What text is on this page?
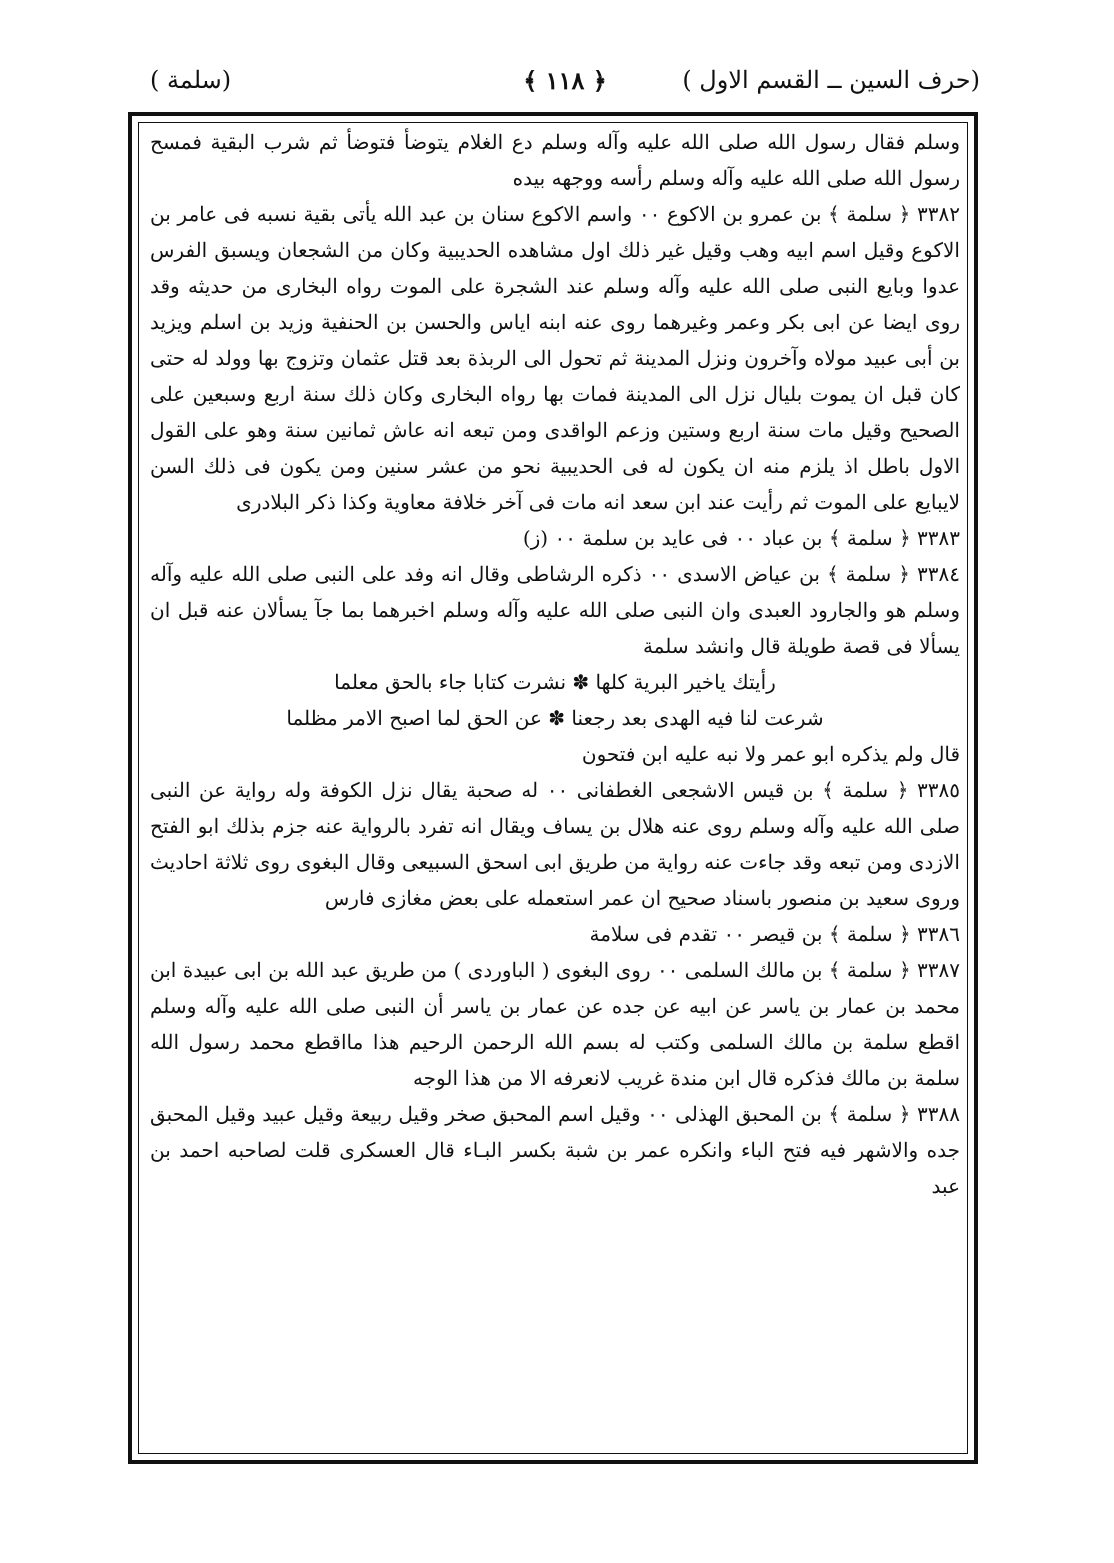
(حرف السين ــ القسم الاول )
﴿ ١١٨ ﴾
(سلمة )

وسلم فقال رسول الله صلى الله عليه وآله وسلم دع الغلام يتوضأ فتوضأ ثم شرب البقية فمسح رسول الله صلى الله عليه وآله وسلم رأسه ووجهه بيده

٣٣٨٢ ﴿ سلمة ﴾ بن عمرو بن الاكوع ٠٠ واسم الاكوع سنان بن عبد الله يأتى بقية نسبه فى عامر بن الاكوع وقيل اسم ابيه وهب وقيل غير ذلك اول مشاهده الحديبية وكان من الشجعان ويسبق الفرس عدوا وبايع النبى صلى الله عليه وآله وسلم عند الشجرة على الموت رواه البخارى من حديثه وقد روى ايضا عن ابى بكر وعمر وغيرهما روى عنه ابنه اياس والحسن بن الحنفية وزيد بن اسلم ويزيد بن أبى عبيد مولاه وآخرون ونزل المدينة ثم تحول الى الربذة بعد قتل عثمان وتزوج بها وولد له حتى كان قبل ان يموت بليال نزل الى المدينة فمات بها رواه البخارى وكان ذلك سنة اربع وسبعين على الصحيح وقيل مات سنة اربع وستين وزعم الواقدى ومن تبعه انه عاش ثمانين سنة وهو على القول الاول باطل اذ يلزم منه ان يكون له فى الحديبية نحو من عشر سنين ومن يكون فى ذلك السن لايبايع على الموت ثم رأيت عند ابن سعد انه مات فى آخر خلافة معاوية وكذا ذكر البلادرى

٣٣٨٣ ﴿ سلمة ﴾ بن عباد ٠٠ فى عايد بن سلمة ٠٠ (ز)

٣٣٨٤ ﴿ سلمة ﴾ بن عياض الاسدى ٠٠ ذكره الرشاطى وقال انه وفد على النبى صلى الله عليه وآله وسلم هو والجارود العبدى وان النبى صلى الله عليه وآله وسلم اخبرهما بما جآ يسألان عنه قبل ان يسألا فى قصة طويلة قال وانشد سلمة

رأيتك ياخير البرية كلها ✽ نشرت كتابا جاء بالحق معلما

شرعت لنا فيه الهدى بعد رجعنا ✽ عن الحق لما اصبح الامر مظلما

قال ولم يذكره ابو عمر ولا نبه عليه ابن فتحون

٣٣٨٥ ﴿ سلمة ﴾ بن قيس الاشجعى الغطفانى ٠٠ له صحبة يقال نزل الكوفة وله رواية عن النبى صلى الله عليه وآله وسلم روى عنه هلال بن يساف ويقال انه تفرد بالرواية عنه جزم بذلك ابو الفتح الازدى ومن تبعه وقد جاءت عنه رواية من طريق ابى اسحق السبيعى وقال البغوى روى ثلاثة احاديث وروى سعيد بن منصور باسناد صحيح ان عمر استعمله على بعض مغازى فارس

٣٣٨٦ ﴿ سلمة ﴾ بن قيصر ٠٠ تقدم فى سلامة

٣٣٨٧ ﴿ سلمة ﴾ بن مالك السلمى ٠٠ روى البغوى ( الباوردى ) من طريق عبد الله بن ابى عبيدة ابن محمد بن عمار بن ياسر عن ابيه عن جده عن عمار بن ياسر أن النبى صلى الله عليه وآله وسلم اقطع سلمة بن مالك السلمى وكتب له بسم الله الرحمن الرحيم هذا مااقطع محمد رسول الله سلمة بن مالك فذكره قال ابن مندة غريب لانعرفه الا من هذا الوجه

٣٣٨٨ ﴿ سلمة ﴾ بن المحبق الهذلى ٠٠ وقيل اسم المحبق صخر وقيل ربيعة وقيل عبيد وقيل المحبق جده والاشهر فيه فتح الباء وانكره عمر بن شبة بكسر البـاء قال العسكرى قلت لصاحبه احمد بن عبد
